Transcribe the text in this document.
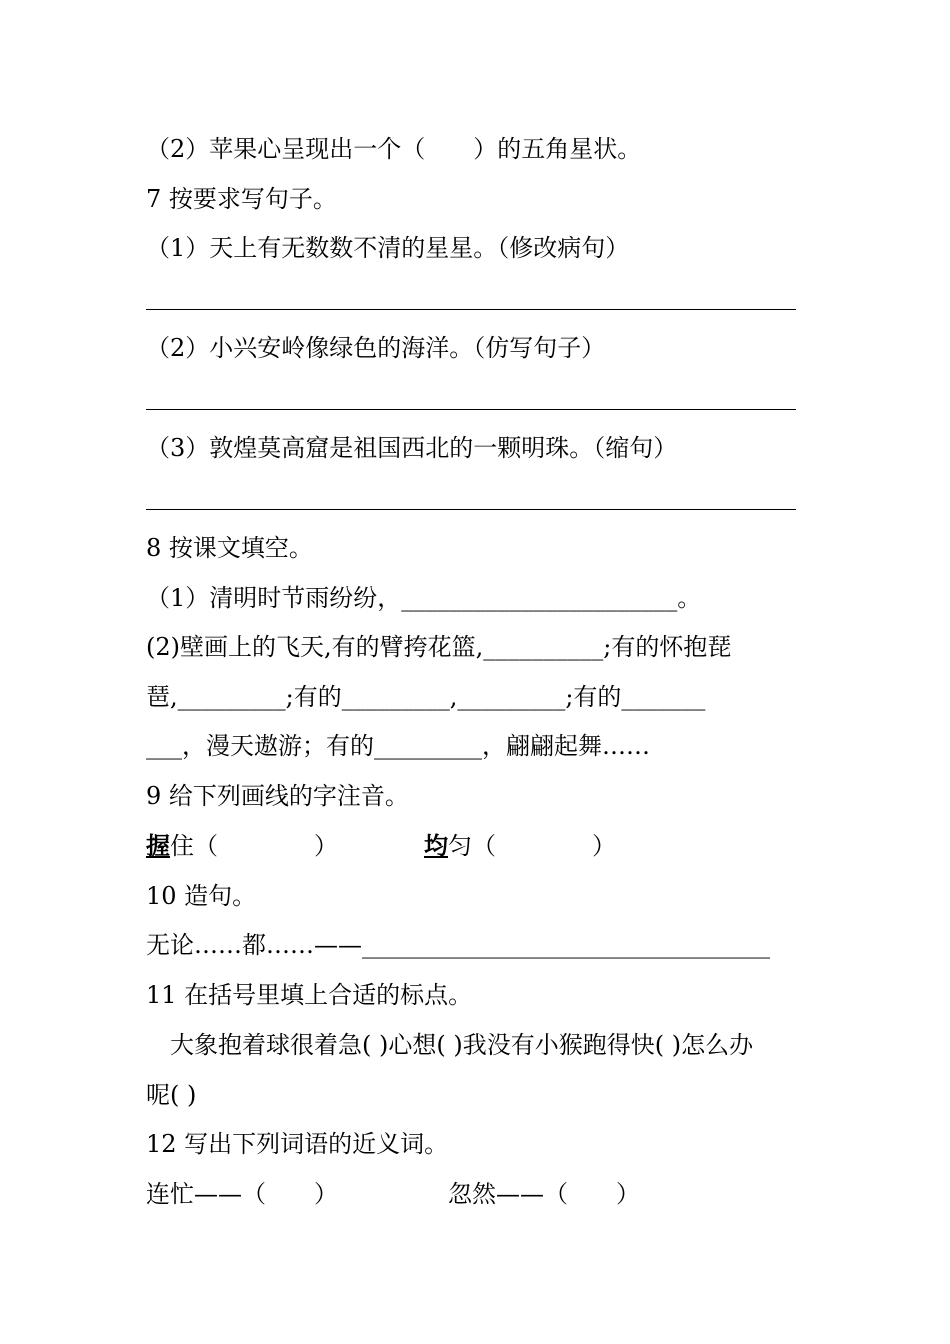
（2）苹果心呈现出一个（　　）的五角星状。
7 按要求写句子。
（1）天上有无数数不清的星星。（修改病句）
（2）小兴安岭像绿色的海洋。（仿写句子）
（3）敦煌莫高窟是祖国西北的一颗明珠。（缩句）
8 按课文填空。
（1）清明时节雨纷纷，_______________________。
(2)壁画上的飞天,有的臂挎花篮,__________;有的怀抱琵
琶,_________;有的_________,_________;有的_______
___，漫天遨游；有的_________，翩翩起舞……
9 给下列画线的字注音。
握住（　　　　）	均匀（　　　　）
10 造句。
无论……都……——__________________________________
11 在括号里填上合适的标点。
　大象抱着球很着急( )心想( )我没有小猴跑得快( )怎么办
呢( )
12 写出下列词语的近义词。
连忙——（　　）	忽然——（　　）
